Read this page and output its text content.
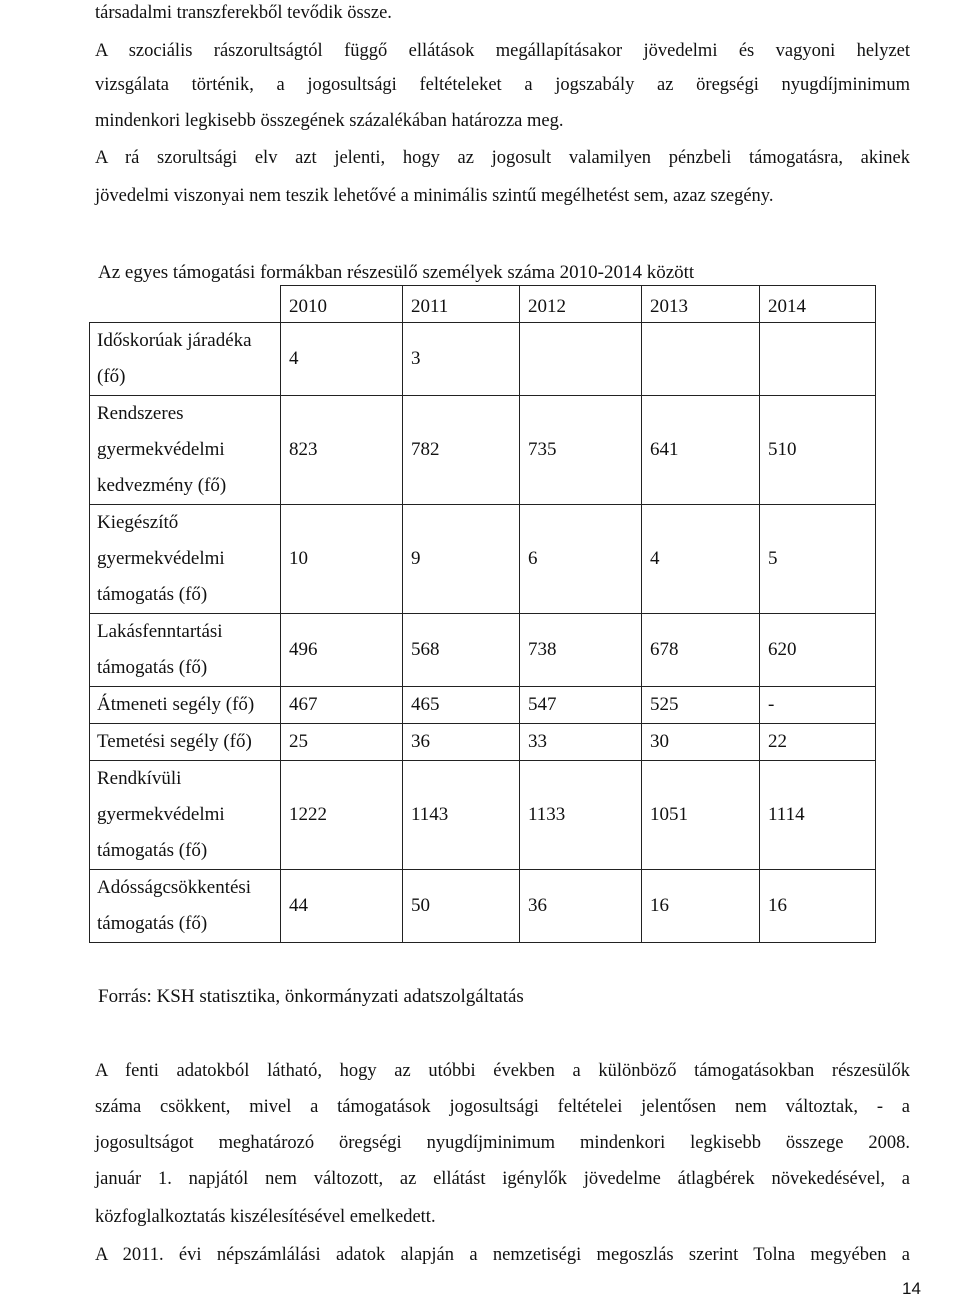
társadalmi transzferekből tevődik össze.
A szociális rászorultságtól függő ellátások megállapításakor jövedelmi és vagyoni helyzet
vizsgálata történik, a jogosultsági feltételeket a jogszabály az öregségi nyugdíjminimum
mindenkori legkisebb összegének százalékában határozza meg.
A rá szorultsági elv azt jelenti, hogy az jogosult valamilyen pénzbeli támogatásra, akinek
jövedelmi viszonyai nem teszik lehetővé a minimális szintű megélhetést sem, azaz szegény.
Az egyes támogatási formákban részesülő személyek száma 2010-2014 között
	2010	2011	2012	2013	2014

Időskorúak járadéka
(fő)	4	3			

Rendszeres
gyermekvédelmi
kedvezmény (fő)	823	782	735	641	510

Kiegészítő
gyermekvédelmi
támogatás (fő)	10	9	6	4	5

Lakásfenntartási
támogatás (fő)	496	568	738	678	620

Átmeneti segély (fő)	467	465	547	525	-

Temetési segély (fő)	25	36	33	30	22

Rendkívüli
gyermekvédelmi
támogatás (fő)	1222	1143	1133	1051	1114

Adósságcsökkentési
támogatás (fő)	44	50	36	16	16
Forrás: KSH statisztika, önkormányzati adatszolgáltatás
A fenti adatokból látható, hogy az utóbbi években a különböző támogatásokban részesülők
száma csökkent, mivel a támogatások jogosultsági feltételei jelentősen nem változtak, - a
jogosultságot meghatározó öregségi nyugdíjminimum mindenkori legkisebb összege 2008.
január 1. napjától nem változott, az ellátást igénylők jövedelme átlagbérek növekedésével, a
közfoglalkoztatás kiszélesítésével emelkedett.
A 2011. évi népszámlálási adatok alapján a nemzetiségi megoszlás szerint Tolna megyében a
14
